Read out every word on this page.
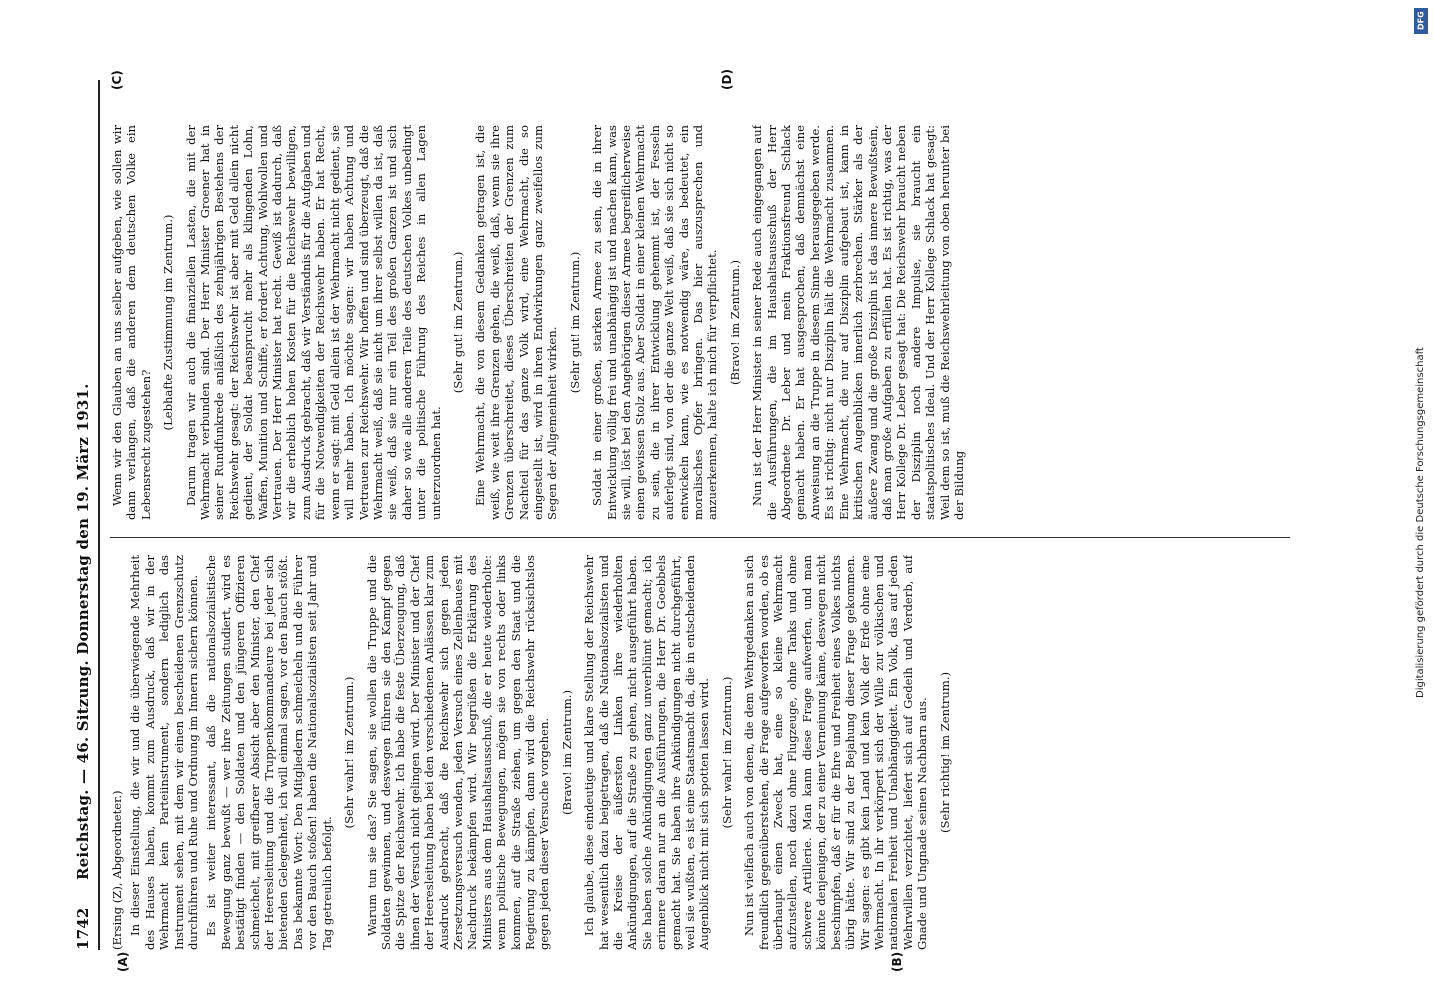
1742
Reichstag. — 46. Sitzung. Donnerstag den 19. März 1931.
(A)	(B)
(C)	(D)

(Ersing (Z), Abgeordneter.) In dieser Einstellung, die wir und die überwiegende Mehrheit des Hauses haben, kommt zum Ausdruck, daß wir in der Wehrmacht kein Parteiinstrument, sondern lediglich das Instrument sehen, mit dem wir einen bescheidenen Grenzschutz durchführen und Ruhe und Ordnung im Innern sichern können. Es ist weiter interessant, daß die nationalsozialistische Bewegung ganz bewußt — wer ihre Zeitungen studiert, wird es bestätigt finden — den Soldaten und den jüngeren Offizieren schmeichelt, mit greifbarer Absicht aber den Minister, den Chef der Heeresleitung und die Truppenkommandeure bei jeder sich bietenden Gelegenheit, ich will einmal sagen, vor den Bauch stößt. Das bekannte Wort: Den Mitgliedern schmeicheln und die Führer vor den Bauch stoßen! haben die Nationalsozialisten seit Jahr und Tag getreulich befolgt.

(Sehr wahr! im Zentrum.) Warum tun sie das? Sie sagen, sie wollen die Truppe und die Soldaten gewinnen, und deswegen führen sie den Kampf gegen die Spitze der Reichswehr. Ich habe die feste Überzeugung, daß ihnen der Versuch nicht gelingen wird. Der Minister und der Chef der Heeresleitung haben bei den verschiedenen Anlässen klar zum Ausdruck gebracht, daß die Reichswehr sich gegen jeden Zersetzungsversuch wenden, jeden Versuch eines Zellenbaues mit Nachdruck bekämpfen wird. Wir begrüßen die Erklärung des Ministers aus dem Haushaltsausschuß, die er heute wiederholte: wenn politische Bewegungen, mögen sie von rechts oder links kommen, auf die Straße ziehen, um gegen den Staat und die Regierung zu kämpfen, dann wird die Reichswehr rücksichtslos gegen jeden dieser Versuche vorgehen. (Bravo! im Zentrum.) Ich glaube, diese eindeutige und klare Stellung der Reichswehr hat wesentlich dazu beigetragen, daß die Nationalsozialisten und die Kreise der äußersten Linken ihre wiederholten Ankündigungen, auf die Straße zu gehen, nicht ausgeführt haben. Sie haben solche Ankündigungen ganz unverblümt gemacht; ich erinnere daran nur an die Ausführungen, die Herr Dr. Goebbels gemacht hat. Sie haben ihre Ankündigungen nicht durchgeführt, weil sie wußten, es ist eine Staatsmacht da, die in entscheidenden Augenblick nicht mit sich spotten lassen wird. (Sehr wahr! im Zentrum.) Nun ist vielfach auch von denen, die dem Wehrgedanken an sich freundlich gegenüberstehen, die Frage aufgeworfen worden, ob es überhaupt einen Zweck hat, eine so kleine Wehrmacht aufzustellen, noch dazu ohne Flugzeuge, ohne Tanks und ohne schwere Artillerie. Man kann diese Frage aufwerfen, und man könnte denjenigen, der zu einer Verneinung käme, deswegen nicht beschimpfen, daß er für die Ehre und Freiheit eines Volkes nichts übrig hätte. Wir sind zu der Bejahung dieser Frage gekommen. Wir sagen: es gibt kein Land und kein Volk der Erde ohne eine Wehrmacht. In ihr verkörpert sich der Wille zur völkischen und nationalen Freiheit und Unabhängigkeit. Ein Volk, das auf jeden Wehrwillen verzichtet, liefert sich auf Gedeih und Verderb, auf Gnade und Ungnade seinen Nachbarn aus. (Sehr richtig! im Zentrum.)

Wenn wir den Glauben an uns selber aufgeben, wie sollen wir dann verlangen, daß die anderen dem deutschen Volke ein Lebensrecht zugestehen?

(Lebhafte Zustimmung im Zentrum.) Darum tragen wir auch die finanziellen Lasten, die mit der Wehrmacht verbunden sind. Der Herr Minister Groener hat in seiner Rundfunkrede anläßlich des zehnjährigen Bestehens der Reichswehr gesagt: der Reichswehr ist aber mit Geld allein nicht gedient, der Soldat beansprucht mehr als klingenden Lohn, Waffen, Munition und Schiffe, er fordert Achtung, Wohlwollen und Vertrauen. Der Herr Minister hat recht. Gewiß ist dadurch, daß wir die erheblich hohen Kosten für die Reichswehr bewilligen, zum Ausdruck gebracht, daß wir Verständnis für die Aufgaben und für die Notwendigkeiten der Reichswehr haben. Er hat Recht, wenn er sagt: mit Geld allein ist der Wehrmacht nicht gedient, sie will mehr haben. Ich möchte sagen: wir haben Achtung und Vertrauen zur Reichswehr. Wir hoffen und sind überzeugt, daß die Wehrmacht weiß, daß sie nicht um ihrer selbst willen da ist, daß sie weiß, daß sie nur ein Teil des großen Ganzen ist und sich daher so wie alle anderen Teile des deutschen Volkes unbedingt unter die politische Führung des Reiches in allen Lagen unterzuordnen hat.

(Sehr gut! im Zentrum.) Eine Wehrmacht, die von diesem Gedanken getragen ist, die weiß, wie weit ihre Grenzen gehen, die weiß, daß, wenn sie ihre Grenzen überschreitet, dieses Überschreiten der Grenzen zum Nachteil für das ganze Volk wird, eine Wehrmacht, die so eingestellt ist, wird in ihren Endwirkungen ganz zweifellos zum Segen der Allgemeinheit wirken.

(Sehr gut! im Zentrum.) Soldat in einer großen, starken Armee zu sein, die in ihrer Entwicklung völlig frei und unabhängig ist und machen kann, was sie will, löst bei den Angehörigen dieser Armee begreiflicherweise einen gewissen Stolz aus. Aber Soldat in einer kleinen Wehrmacht zu sein, die in ihrer Entwicklung gehemmt ist, der Fesseln auferlegt sind, von der die ganze Welt weiß, daß sie sich nicht so entwickeln kann, wie es notwendig wäre, das bedeutet, ein moralisches Opfer bringen. Das hier auszusprechen und anzuerkennen, halte ich mich für verpflichtet. (Bravo! im Zentrum.) Nun ist der Herr Minister in seiner Rede auch eingegangen auf die Ausführungen, die im Haushaltsausschuß der Herr Abgeordnete Dr. Leber und mein Fraktionsfreund Schlack gemacht haben. Er hat ausgesprochen, daß demnächst eine Anweisung an die Truppe in diesem Sinne herausgegeben werde. Es ist richtig: nicht nur Disziplin hält die Wehrmacht zusammen. Eine Wehrmacht, die nur auf Disziplin aufgebaut ist, kann in kritischen Augenblicken innerlich zerbrechen. Stärker als der äußere Zwang und die große Disziplin ist das innere Bewußtsein, daß man große Aufgaben zu erfüllen hat. Es ist richtig, was der Herr Kollege Dr. Leber gesagt hat: Die Reichswehr braucht neben der Disziplin noch andere Impulse, sie braucht ein staatspolitisches Ideal. Und der Herr Kollege Schlack hat gesagt: Weil dem so ist, muß die Reichswehrleitung von oben herunter bei der Bildung

DFG
Digitalisierung gefördert durch die Deutsche Forschungsgemeinschaft
